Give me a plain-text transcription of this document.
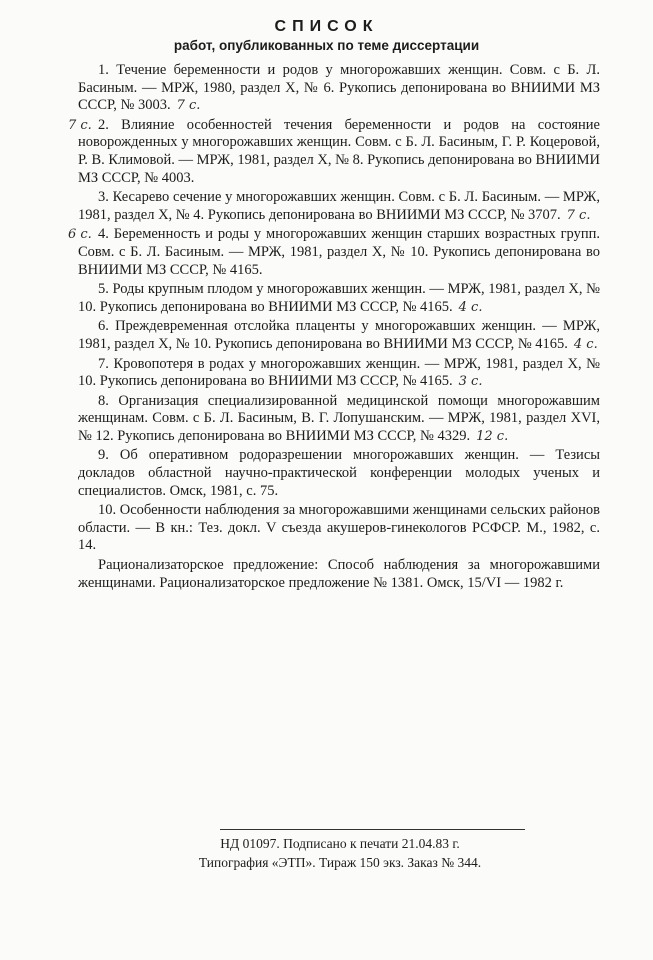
СПИСОК
работ, опубликованных по теме диссертации

1. Течение беременности и родов у многорожавших женщин. Совм. с Б. Л. Басиным. — МРЖ, 1980, раздел X, № 6. Рукопись депонирована во ВНИИМИ МЗ СССР, № 3003. 7 с.

7 с. 2. Влияние особенностей течения беременности и родов на состояние новорожденных у многорожавших женщин. Совм. с Б. Л. Басиным, Г. Р. Коцеровой, Р. В. Климовой. — МРЖ, 1981, раздел X, № 8. Рукопись депонирована во ВНИИМИ МЗ СССР, № 4003.

3. Кесарево сечение у многорожавших женщин. Совм. с Б. Л. Басиным. — МРЖ, 1981, раздел X, № 4. Рукопись депонирована во ВНИИМИ МЗ СССР, № 3707. 7 с.

6 с. 4. Беременность и роды у многорожавших женщин старших возрастных групп. Совм. с Б. Л. Басиным. — МРЖ, 1981, раздел X, № 10. Рукопись депонирована во ВНИИМИ МЗ СССР, № 4165.

5. Роды крупным плодом у многорожавших женщин. — МРЖ, 1981, раздел X, № 10. Рукопись депонирована во ВНИИМИ МЗ СССР, № 4165. 4 с.

6. Преждевременная отслойка плаценты у многорожавших женщин. — МРЖ, 1981, раздел X, № 10. Рукопись депонирована во ВНИИМИ МЗ СССР, № 4165. 4 с.

7. Кровопотеря в родах у многорожавших женщин. — МРЖ, 1981, раздел X, № 10. Рукопись депонирована во ВНИИМИ МЗ СССР, № 4165. 3 с.

8. Организация специализированной медицинской помощи многорожавшим женщинам. Совм. с Б. Л. Басиным, В. Г. Лопушанским. — МРЖ, 1981, раздел XVI, № 12. Рукопись депонирована во ВНИИМИ МЗ СССР, № 4329. 12 с.

9. Об оперативном родоразрешении многорожавших женщин. — Тезисы докладов областной научно-практической конференции молодых ученых и специалистов. Омск, 1981, с. 75.

10. Особенности наблюдения за многорожавшими женщинами сельских районов области. — В кн.: Тез. докл. V съезда акушеров-гинекологов РСФСР. М., 1982, с. 14.

Рационализаторское предложение: Способ наблюдения за многорожавшими женщинами. Рационализаторское предложение № 1381. Омск, 15/VI — 1982 г.

НД 01097. Подписано к печати 21.04.83 г.
Типография «ЭТП». Тираж 150 экз. Заказ № 344.
